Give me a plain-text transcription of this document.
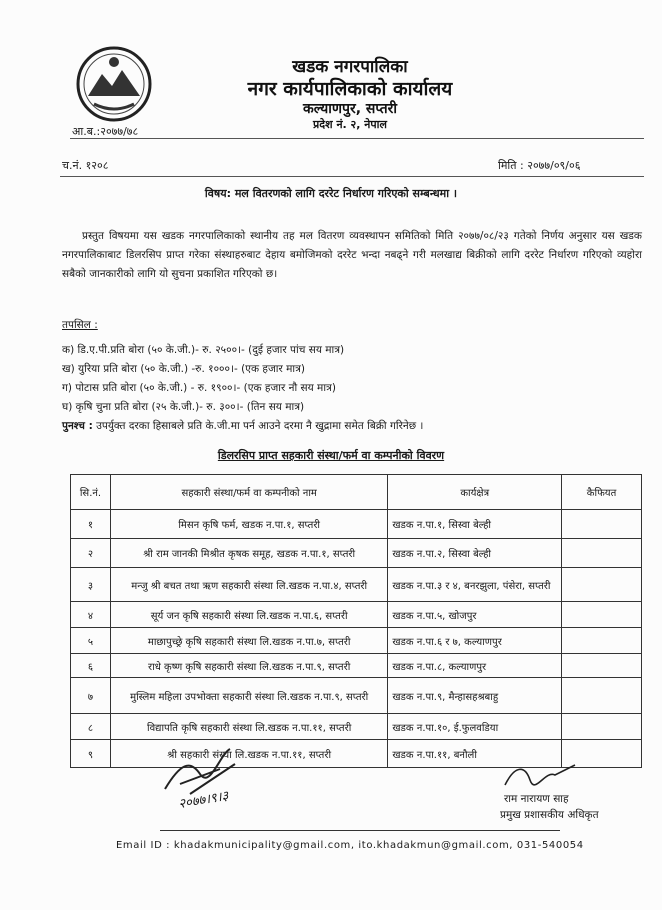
खडक नगरपालिका
नगर कार्यपालिकाको कार्यालय
कल्याणपुर, सप्तरी
प्रदेश नं. २, नेपाल
आ.ब.:२०७७/७८
च.नं. १२०८	मिति : २०७७/०९/०६
विषय: मल वितरणको लागि दररेट निर्धारण गरिएको सम्बन्धमा ।
प्रस्तुत विषयमा यस खडक नगरपालिकाको स्थानीय तह मल वितरण व्यवस्थापन समितिको मिति २०७७/०८/२३ गतेको निर्णय अनुसार यस खडक नगरपालिकाबाट डिलरसिप प्राप्त गरेका संस्थाहरुबाट देहाय बमोजिमको दररेट भन्दा नबढ्ने गरी मलखाद्य बिक्रीको लागि दररेट निर्धारण गरिएको व्यहोरा सबैको जानकारीको लागि यो सुचना प्रकाशित गरिएको छ।
तपसिल :
क) डि.ए.पी.प्रति बोरा (५० के.जी.)- रु. २५००।- (दुई हजार पांच सय मात्र)
ख) युरिया प्रति बोरा (५० के.जी.) -रु. १०००।- (एक हजार मात्र)
ग) पोटास प्रति बोरा (५० के.जी.) - रु. १९००।- (एक हजार नौ सय मात्र)
घ) कृषि चुना प्रति बोरा (२५ के.जी.)- रु. ३००।- (तिन सय मात्र)
पुनश्च : उपर्युक्त दरका हिसाबले प्रति के.जी.मा पर्न आउने दरमा नै खुद्रामा समेत बिक्री गरिनेछ ।
डिलरसिप प्राप्त सहकारी संस्था/फर्म वा कम्पनीको विवरण
सि.नं.	सहकारी संस्था/फर्म वा कम्पनीको नाम	कार्यक्षेत्र	कैफियत
१	मिसन कृषि फर्म, खडक न.पा.१, सप्तरी	खडक न.पा.१, सिस्वा बेल्ही	
२	श्री राम जानकी मिश्रीत कृषक समूह, खडक न.पा.१, सप्तरी	खडक न.पा.२, सिस्वा बेल्ही	
३	मन्जु श्री बचत तथा ऋण सहकारी संस्था लि.खडक न.पा.४, सप्तरी	खडक न.पा.३ र ४, बनरझुला, पंसेरा, सप्तरी	
४	सूर्य जन कृषि सहकारी संस्था लि.खडक न.पा.६, सप्तरी	खडक न.पा.५, खोजपुर	
५	माछापुच्छ्रे कृषि सहकारी संस्था लि.खडक न.पा.७, सप्तरी	खडक न.पा.६ र ७, कल्याणपुर	
६	राधे कृष्ण कृषि सहकारी संस्था लि.खडक न.पा.९, सप्तरी	खडक न.पा.८, कल्याणपुर	
७	मुस्लिम महिला उपभोक्ता सहकारी संस्था लि.खडक न.पा.९, सप्तरी	खडक न.पा.९, मैन्हासहश्रबाहु	
८	विद्यापति कृषि सहकारी संस्था लि.खडक न.पा.११, सप्तरी	खडक न.पा.१०, ई.फुलवडिया	
९	श्री सहकारी संस्था लि.खडक न.पा.११, सप्तरी	खडक न.पा.११, बनौली	
२०७७।९।३	राम नारायण साह
प्रमुख प्रशासकीय अधिकृत
Email ID : khadakmunicipality@gmail.com, ito.khadakmun@gmail.com, 031-540054
